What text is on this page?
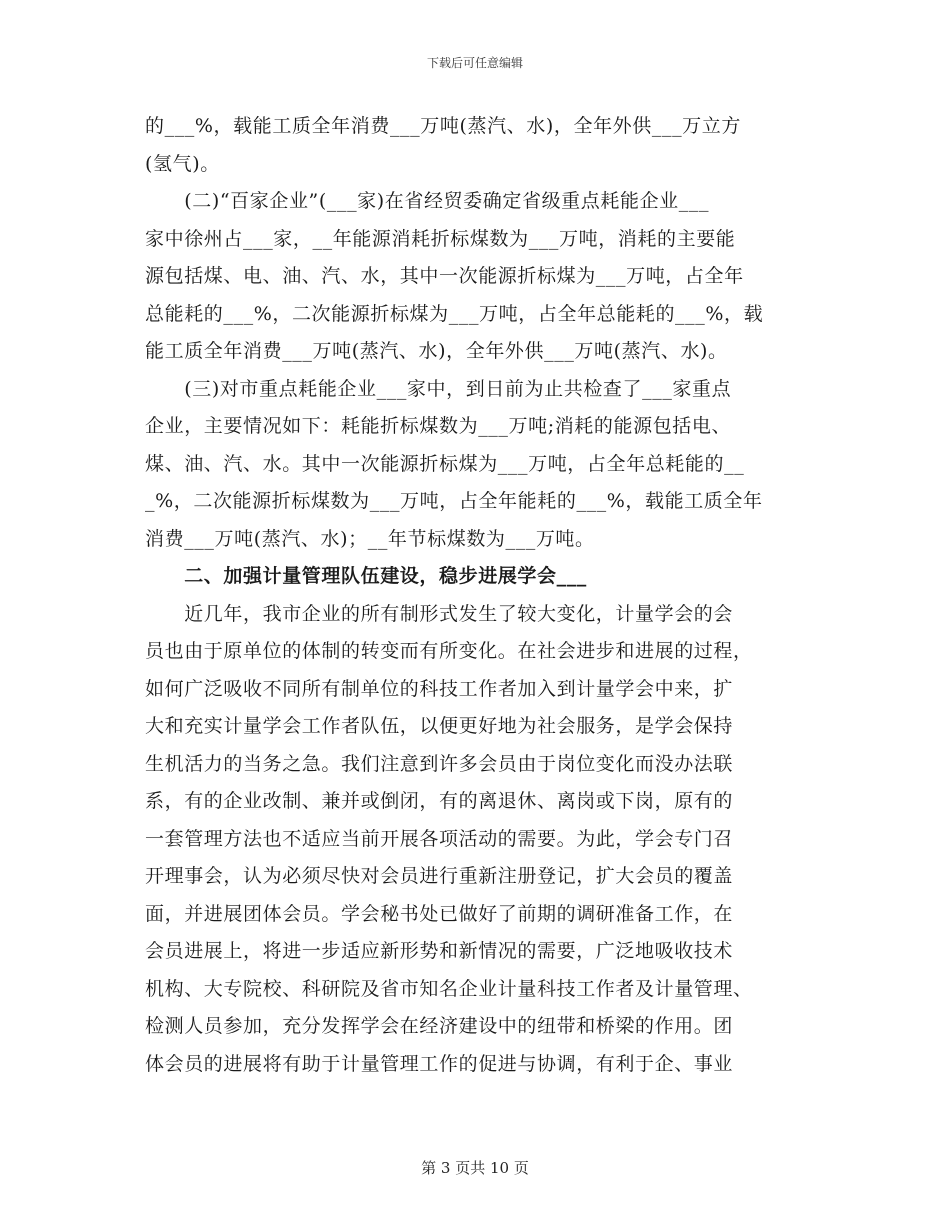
下载后可任意编辑
的___%，载能工质全年消费___万吨(蒸汽、水)，全年外供___万立方
(氢气)。
　　(二)“百家企业”(___家)在省经贸委确定省级重点耗能企业___
家中徐州占___家，__年能源消耗折标煤数为___万吨，消耗的主要能
源包括煤、电、油、汽、水，其中一次能源折标煤为___万吨，占全年
总能耗的___%，二次能源折标煤为___万吨，占全年总能耗的___%，载
能工质全年消费___万吨(蒸汽、水)，全年外供___万吨(蒸汽、水)。
　　(三)对市重点耗能企业___家中，到日前为止共检查了___家重点
企业，主要情况如下：耗能折标煤数为___万吨;消耗的能源包括电、
煤、油、汽、水。其中一次能源折标煤为___万吨，占全年总耗能的__
_%，二次能源折标煤数为___万吨，占全年能耗的___%，载能工质全年
消费___万吨(蒸汽、水)；__年节标煤数为___万吨。
　　二、加强计量管理队伍建设，稳步进展学会___
　　近几年，我市企业的所有制形式发生了较大变化，计量学会的会
员也由于原单位的体制的转变而有所变化。在社会进步和进展的过程，
如何广泛吸收不同所有制单位的科技工作者加入到计量学会中来，扩
大和充实计量学会工作者队伍，以便更好地为社会服务，是学会保持
生机活力的当务之急。我们注意到许多会员由于岗位变化而没办法联
系，有的企业改制、兼并或倒闭，有的离退休、离岗或下岗，原有的
一套管理方法也不适应当前开展各项活动的需要。为此，学会专门召
开理事会，认为必须尽快对会员进行重新注册登记，扩大会员的覆盖
面，并进展团体会员。学会秘书处已做好了前期的调研准备工作，在
会员进展上，将进一步适应新形势和新情况的需要，广泛地吸收技术
机构、大专院校、科研院及省市知名企业计量科技工作者及计量管理、
检测人员参加，充分发挥学会在经济建设中的纽带和桥梁的作用。团
体会员的进展将有助于计量管理工作的促进与协调，有利于企、事业
第 3 页共 10 页
